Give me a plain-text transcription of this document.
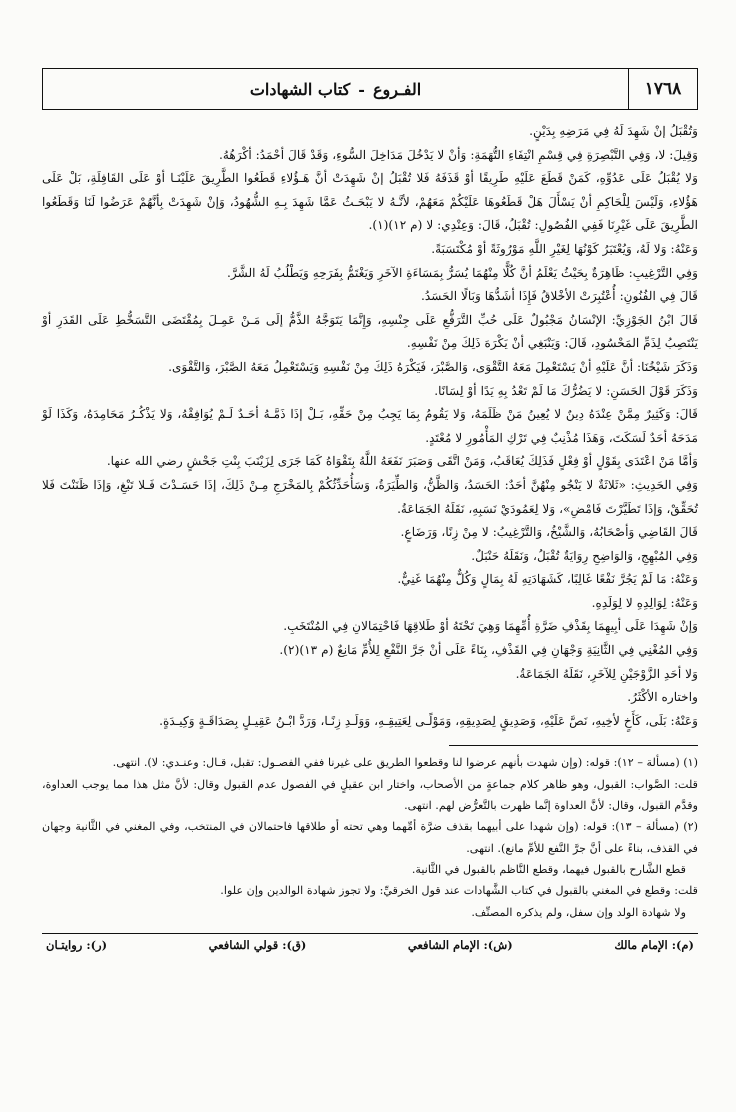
١٧٦٨
الفـروع
-
كتاب الشهادات

وَتُقْبَلُ إنْ شَهِدَ لَهُ فِي مَرَضِهِ بِدَيْنٍ.

وَقِيلَ: لا، وَفِي التَّبْصِرَةِ فِي قِسْمِ انْتِفَاءِ التُّهَمَةِ: وَأنْ لا يَدْخُلَ مَدَاخِلَ السُّوءِ، وَقَدْ قَالَ أحْمَدُ: أكْرَهُهُ.

وَلا يُقْبَلُ عَلَى عَدُوِّهِ، كَمَنْ قَطَعَ عَلَيْهِ طَرِيقًا أوْ قَذَفَهُ فَلا تُقْبَلُ إنْ شَهِدَتْ أنَّ هَـؤُلاءِ قَطَعُوا الطَّرِيقَ عَلَيْنَـا أوْ عَلَى القَافِلَةِ، بَلْ عَلَى هَؤُلاءِ، وَلَيْسَ لِلْحَاكِمِ أنْ يَسْأَلَ هَلْ قَطَعُوهَا عَلَيْكُمْ مَعَهُمْ، لأنَّـهُ لا يَبْحَـثُ عَمَّا شَهِدَ بِـهِ الشُّهُودُ، وَإنْ شَهِدَتْ بِأنَّهُمْ عَرَضُوا لَنَا وَقَطَعُوا الطَّرِيقَ عَلَى غَيْرِنَا فَفِي الفُصُولِ: تُقْبَلُ، قَالَ: وَعِنْدِي: لا (م ١٢)(١).

وَعَنْهُ: وَلا لَهُ، وَيُعْتَبَرُ كَوْنُهَا لِغَيْرِ اللَّهِ مَوْرُوثَةً أوْ مُكْتَسَبَةً.

وَفِي التَّرْغِيبِ: ظَاهِرَةٌ بِحَيْثُ يَعْلَمُ أنَّ كُلًّا مِنْهُمَا يُسَرُّ بِمَسَاءَةِ الآخَرِ وَيَغْتَمُّ بِفَرَحِهِ وَيَطْلُبُ لَهُ الشَّرَّ.

قَالَ فِي الفُنُونِ: أُعْتُبِرَتْ الأخْلاقُ فَإِذَا أشَدُّهَا وَبَالًا الحَسَدُ.

قَالَ ابْنُ الجَوْزِيِّ: الإنْسَانُ مَجْبُولٌ عَلَى حُبِّ التَّرَفُّعِ عَلَى جِنْسِهِ، وَإِنَّمَا يَتَوَجَّهُ الذَّمُّ إلَى مَـنْ عَمِـلَ بِمُقْتَضَى التَّسَخُّطِ عَلَى القَدَرِ أوْ يَنْتَصِبُ لِذَمِّ المَحْسُودِ، قَالَ: وَيَنْبَغِي أنْ يَكْرَهَ ذَلِكَ مِنْ نَفْسِهِ.

وَذَكَرَ شَيْخُنَا: أنَّ عَلَيْهِ أنْ يَسْتَعْمِلَ مَعَهُ التَّقْوَى، وَالصَّبْرَ، فَيَكْرَهُ ذَلِكَ مِنْ نَفْسِهِ وَيَسْتَعْمِلُ مَعَهُ الصَّبْرَ، وَالتَّقْوَى.

وَذَكَرَ قَوْلَ الحَسَنِ: لا يَضُرُّكَ مَا لَمْ تَعْدُ بِهِ يَدًا أوْ لِسَانًا.

قَالَ: وَكَثِيرٌ مِمَّنْ عِنْدَهُ دِينٌ لا يُعِينُ مَنْ ظَلَمَهُ، وَلا يَقُومُ بِمَا يَجِبُ مِنْ حَقِّهِ، بَـلْ إذَا ذَمَّـهُ أحَـدٌ لَـمْ يُوَافِقْهُ، وَلا يَذْكُـرُ مَحَامِدَهُ، وَكَذَا لَوْ مَدَحَهُ أحَدٌ لَسَكَتَ، وَهَذَا مُذْنِبٌ فِي تَرْكِ المَأْمُورِ لا مُعْتَدٍ.

وَأمَّا مَنْ اعْتَدَى بِقَوْلٍ أوْ فِعْلٍ فَذَلِكَ يُعَاقَبُ، وَمَنْ اتَّقَى وَصَبَرَ نَفَعَهُ اللَّهُ بِتَقْوَاهُ كَمَا جَرَى لِزَيْنَبَ بِنْتِ جَحْشٍ رضي الله عنها.

وَفِي الحَدِيثِ: «ثَلاثَةٌ لا يَنْجُو مِنْهُنَّ أحَدٌ: الحَسَدُ، وَالظَّنُّ، وَالطِّيَرَةُ، وَسَأُحَدِّثُكُمْ بِالمَخْرَجِ مِـنْ ذَلِكَ، إذَا حَسَـدْتَ فَـلا تَبْغِ، وَإذَا ظَنَنْتَ فَلا تُحَقِّقْ، وَإذَا تَطَيَّرْتَ فَامْضِ»، وَلا لِعَمُودَيْ نَسَبِهِ، نَقَلَهُ الجَمَاعَةُ.

قَالَ القَاضِي وَأصْحَابُهُ، وَالشَّيْخُ، وَالتَّرْغِيبُ: لا مِنْ زِنًا، وَرَضَاعٍ.

وَفِي المُبْهِجِ، وَالوَاضِحِ رِوَايَةٌ تُقْبَلُ، وَنَقَلَهُ حَنْبَلٌ.

وَعَنْهُ: مَا لَمْ يَجُرَّ نَفْعًا غَالِبًا، كَشَهَادَتِهِ لَهُ بِمَالٍ وَكُلٌّ مِنْهُمَا غَنِيٌّ.

وَعَنْهُ: لِوَالِدِهِ لا لِوَلَدِهِ.

وَإنْ شَهِدَا عَلَى أبِيهِمَا بِقَذْفِ ضَرَّةِ أُمِّهِمَا وَهِيَ تَحْتَهُ أوْ طَلاقِهَا فَاحْتِمَالانِ فِي المُنْتَخَبِ.

وَفِي المُغْنِي فِي الثَّانِيَةِ وَجْهَانِ فِي القَذْفِ، بِنَاءً عَلَى أنْ جَرَّ النَّفْعِ لِلأُمِّ مَانِعٌ (م ١٣)(٢).

وَلا أحَدِ الزَّوْجَيْنِ لِلآخَرِ، نَقَلَهُ الجَمَاعَةُ.

واختاره الأكْثَرُ.

وَعَنْهُ: بَلَى، كَأَخٍ لأخِيهِ، نَصَّ عَلَيْهِ، وَصَدِيقٍ لِصَدِيقِهِ، وَمَوْلًـى لِعَتِيقِـهِ، وَوَلَـدِ زِنًـا، وَرَدَّ ابْـنُ عَقِيـلٍ بِصَدَاقَـةٍ وَكِيـدَةٍ.

(١) (مسألة – ١٢): قوله: (وإن شهدت بأنهم عرضوا لنا وقطعوا الطريق على غيرنا ففي الفصـول: تقبل، قـال: وعنـدي: لا). انتهى.

قلت: الصَّواب: القبول، وهو ظاهر كلام جماعةٍ من الأصحاب، واختار ابن عقيلٍ في الفصول عدم القبول وقال: لأنَّ مثل هذا مما يوجب العداوة، وقدَّم القبول، وقال: لأنَّ العداوة إنَّما ظهرت بالتَّعرُّض لهم. انتهى.

(٢) (مسألة – ١٣): قوله: (وإن شهدا على أبيهما بقذف ضرَّة أمِّهما وهي تحته أو طلاقها فاحتمالان في المنتخب، وفي المغني في الثَّانية وجهان في القذف، بناءً على أنَّ جرَّ النَّفع للأمِّ مانع). انتهى.

قطع الشَّارح بالقبول فيهما، وقطع النَّاظم بالقبول في الثَّانية.

قلت: وقطع في المغني بالقبول في كتاب الشَّهادات عند قول الخرقيِّ: ولا تجوز شهادة الوالدين وإن علوا.

ولا شهادة الولد وإن سفل، ولم يذكره المصنِّف.

(م): الإمام مالك
(ش): الإمام الشافعي
(ق): قولي الشافعي
(ر): روايتـان
